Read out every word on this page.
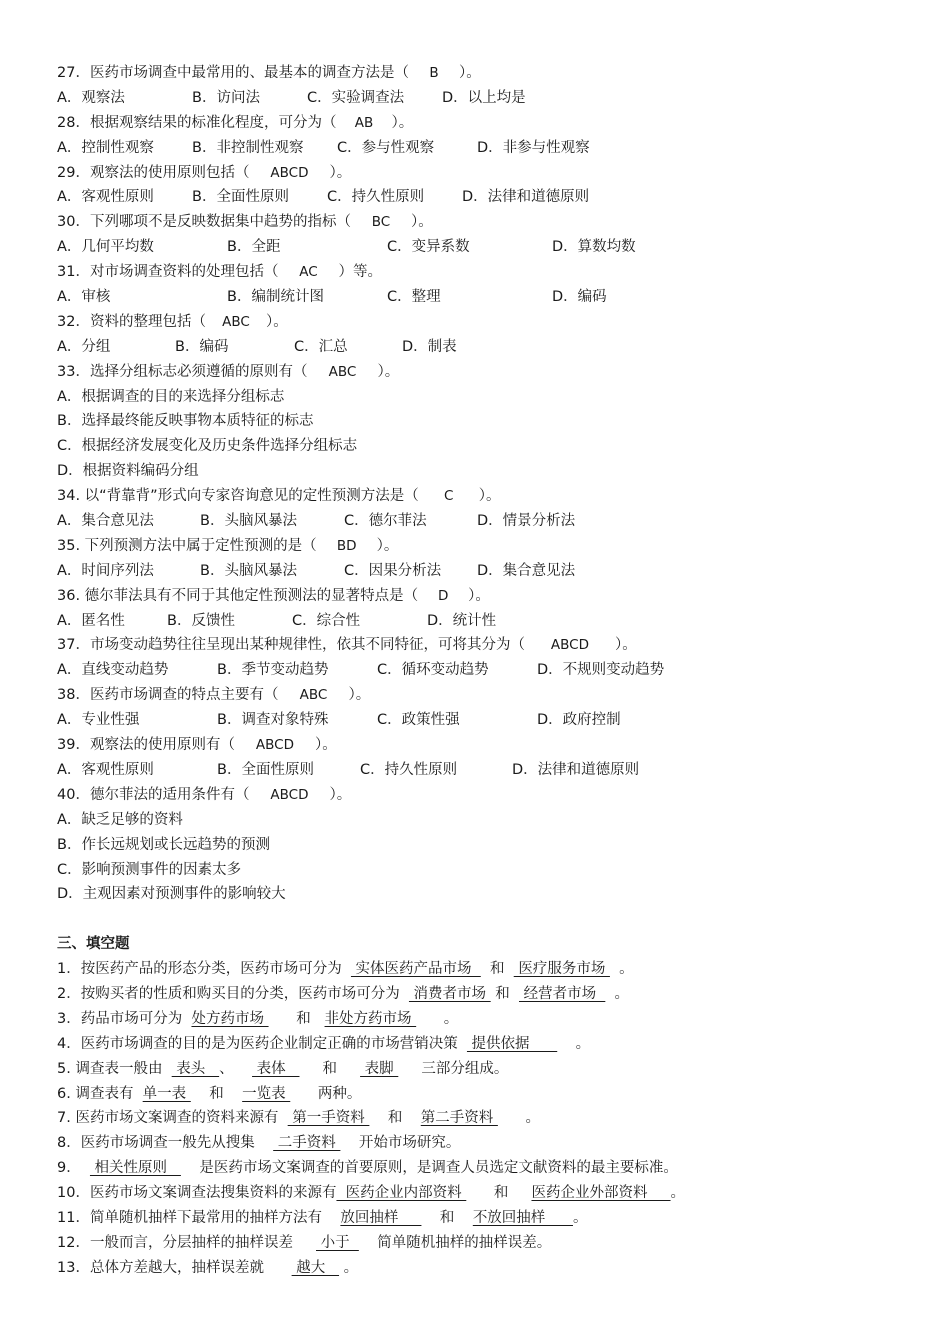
27．医药市场调查中最常用的、最基本的调查方法是（ B ）。
A．观察法	B．访问法	C．实验调查法	D．以上均是
28．根据观察结果的标准化程度，可分为（ AB ）。
A．控制性观察	B．非控制性观察 C．参与性观察	D．非参与性观察
29．观察法的使用原则包括（ ABCD ）。
A．客观性原则	B．全面性原则	C．持久性原则	D．法律和道德原则
30．下列哪项不是反映数据集中趋势的指标（ BC ）。
A．几何平均数	B．全距	C．变异系数	D．算数均数
31．对市场调查资料的处理包括（ AC ）等。
A．审核	B．编制统计图	C．整理	D．编码
32．资料的整理包括（ ABC ）。
A．分组	B．编码	C．汇总	D．制表
33．选择分组标志必须遵循的原则有（ ABC ）。
A．根据调查的目的来选择分组标志
B．选择最终能反映事物本质特征的标志
C．根据经济发展变化及历史条件选择分组标志
D．根据资料编码分组
34. 以“背靠背”形式向专家咨询意见的定性预测方法是（ C ）。
A．集合意见法	B．头脑风暴法	C．德尔菲法	D．情景分析法
35. 下列预测方法中属于定性预测的是（ BD ）。
A．时间序列法	B．头脑风暴法	C．因果分析法 D．集合意见法
36. 德尔菲法具有不同于其他定性预测法的显著特点是（ D ）。
A．匿名性	B．反馈性	C．综合性	D．统计性
37．市场变动趋势往往呈现出某种规律性，依其不同特征，可将其分为（ ABCD ）。
A．直线变动趋势	B．季节变动趋势	C．循环变动趋势	D．不规则变动趋势
38．医药市场调查的特点主要有（ ABC ）。
A．专业性强	B．调查对象特殊	C．政策性强	D．政府控制
39．观察法的使用原则有（ ABCD ）。
A．客观性原则	B．全面性原则	C．持久性原则	D．法律和道德原则
40．德尔菲法的适用条件有（ ABCD ）。
A．缺乏足够的资料
B．作长远规划或长远趋势的预测
C．影响预测事件的因素太多
D．主观因素对预测事件的影响较大
三、填空题
1．按医药产品的形态分类，医药市场可分为   实体医药产品市场    和   医疗服务市场   。
2．按购买者的性质和购买目的分类，医药市场可分为   消费者市场  和   经营者市场    。
3．药品市场可分为  处方药市场       和   非处方药市场       。
4．医药市场调查的目的是为医药企业制定正确的市场营销决策   提供依据          。
5. 调查表一般由   表头   、     表体        和      表脚      三部分组成。
6. 调查表有  单一表     和    一览表       两种。
7. 医药市场文案调查的资料来源有   第一手资料     和    第二手资料       。
8．医药市场调查一般先从搜集     二手资料     开始市场研究。
9．   相关性原则       是医药市场文案调查的首要原则，是调查人员选定文献资料的最主要标准。
10．医药市场文案调查法搜集资料的来源有  医药企业内部资料       和     医药企业外部资料     。
11．简单随机抽样下最常用的抽样方法有    放回抽样         和    不放回抽样      。
12．一般而言，分层抽样的抽样误差      小于      简单随机抽样的抽样误差。
13．总体方差越大，抽样误差就       越大    。
